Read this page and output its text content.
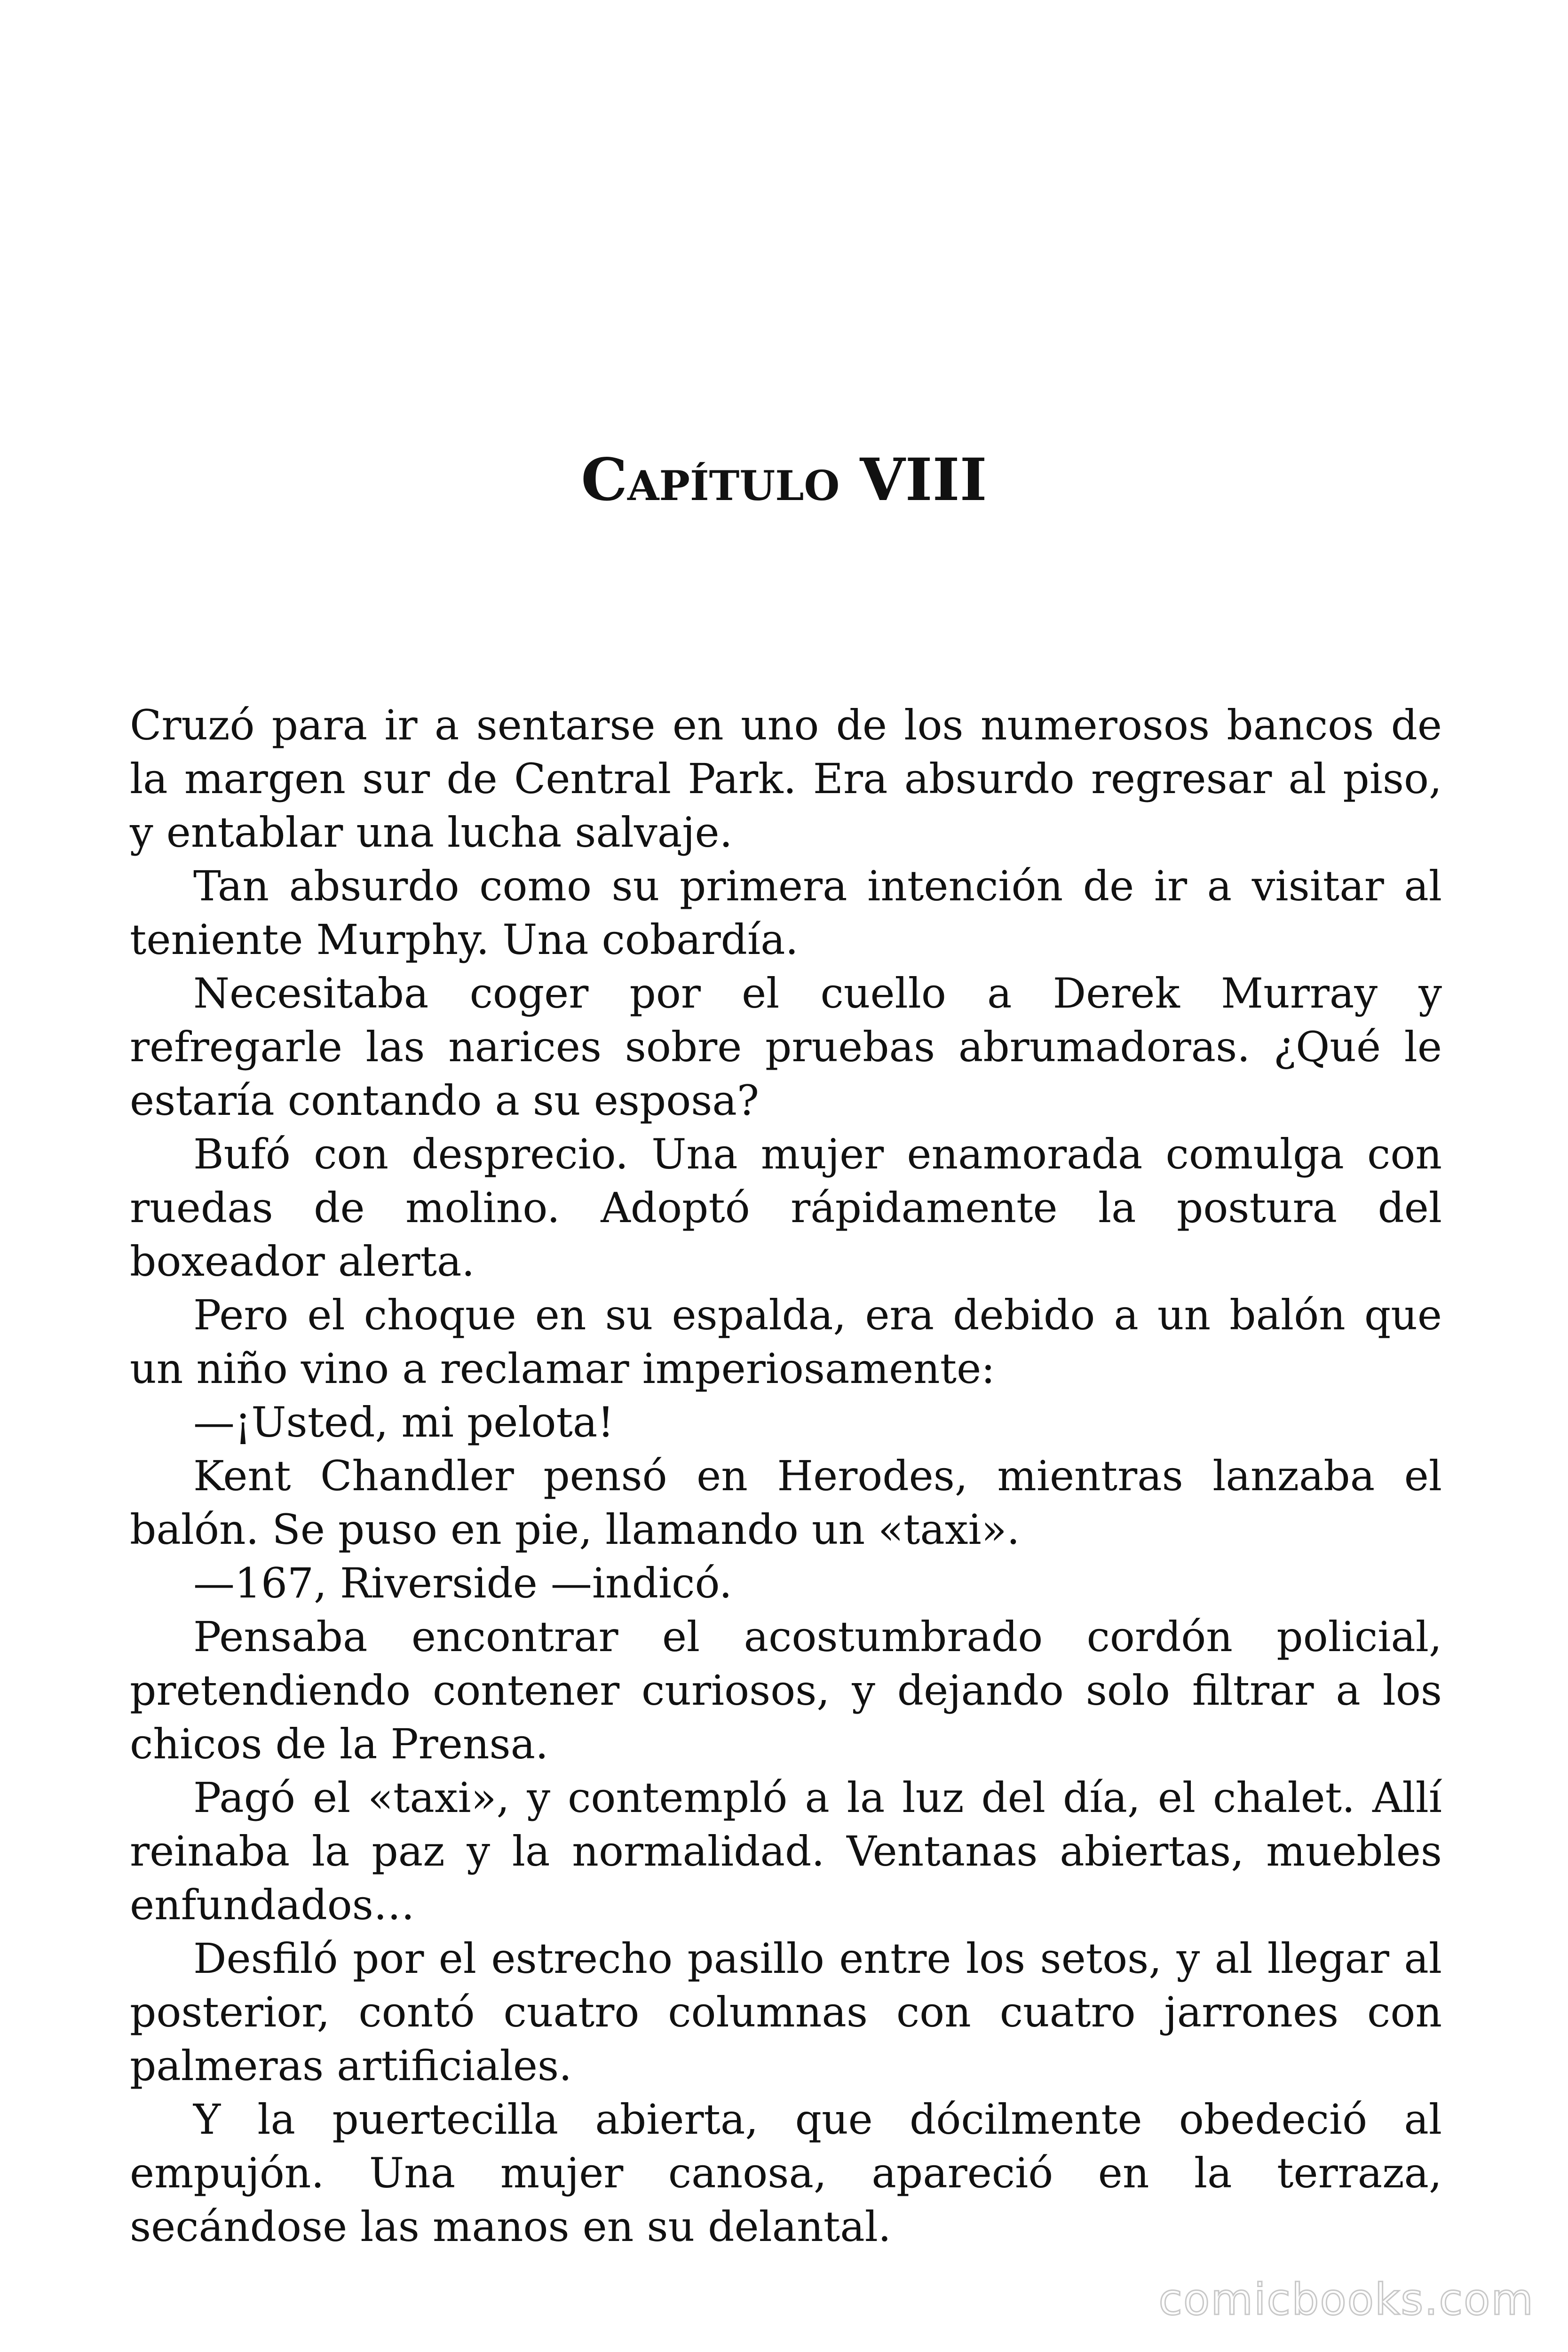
Capítulo VIII

Cruzó para ir a sentarse en uno de los numerosos bancos de la margen sur de Central Park. Era absurdo regresar al piso, y entablar una lucha salvaje.

Tan absurdo como su primera intención de ir a visitar al teniente Murphy. Una cobardía.

Necesitaba coger por el cuello a Derek Murray y refregarle las narices sobre pruebas abrumadoras. ¿Qué le estaría contando a su esposa?

Bufó con desprecio. Una mujer enamorada comulga con ruedas de molino. Adoptó rápidamente la postura del boxeador alerta.

Pero el choque en su espalda, era debido a un balón que un niño vino a reclamar imperiosamente:

—¡Usted, mi pelota!

Kent Chandler pensó en Herodes, mientras lanzaba el balón. Se puso en pie, llamando un «taxi».

—167, Riverside —indicó.

Pensaba encontrar el acostumbrado cordón policial, pretendiendo contener curiosos, y dejando solo filtrar a los chicos de la Prensa.

Pagó el «taxi», y contempló a la luz del día, el chalet. Allí reinaba la paz y la normalidad. Ventanas abiertas, muebles enfundados…

Desfiló por el estrecho pasillo entre los setos, y al llegar al posterior, contó cuatro columnas con cuatro jarrones con palmeras artificiales.

Y la puertecilla abierta, que dócilmente obedeció al empujón. Una mujer canosa, apareció en la terraza, secándose las manos en su delantal.

comicbooks.com
